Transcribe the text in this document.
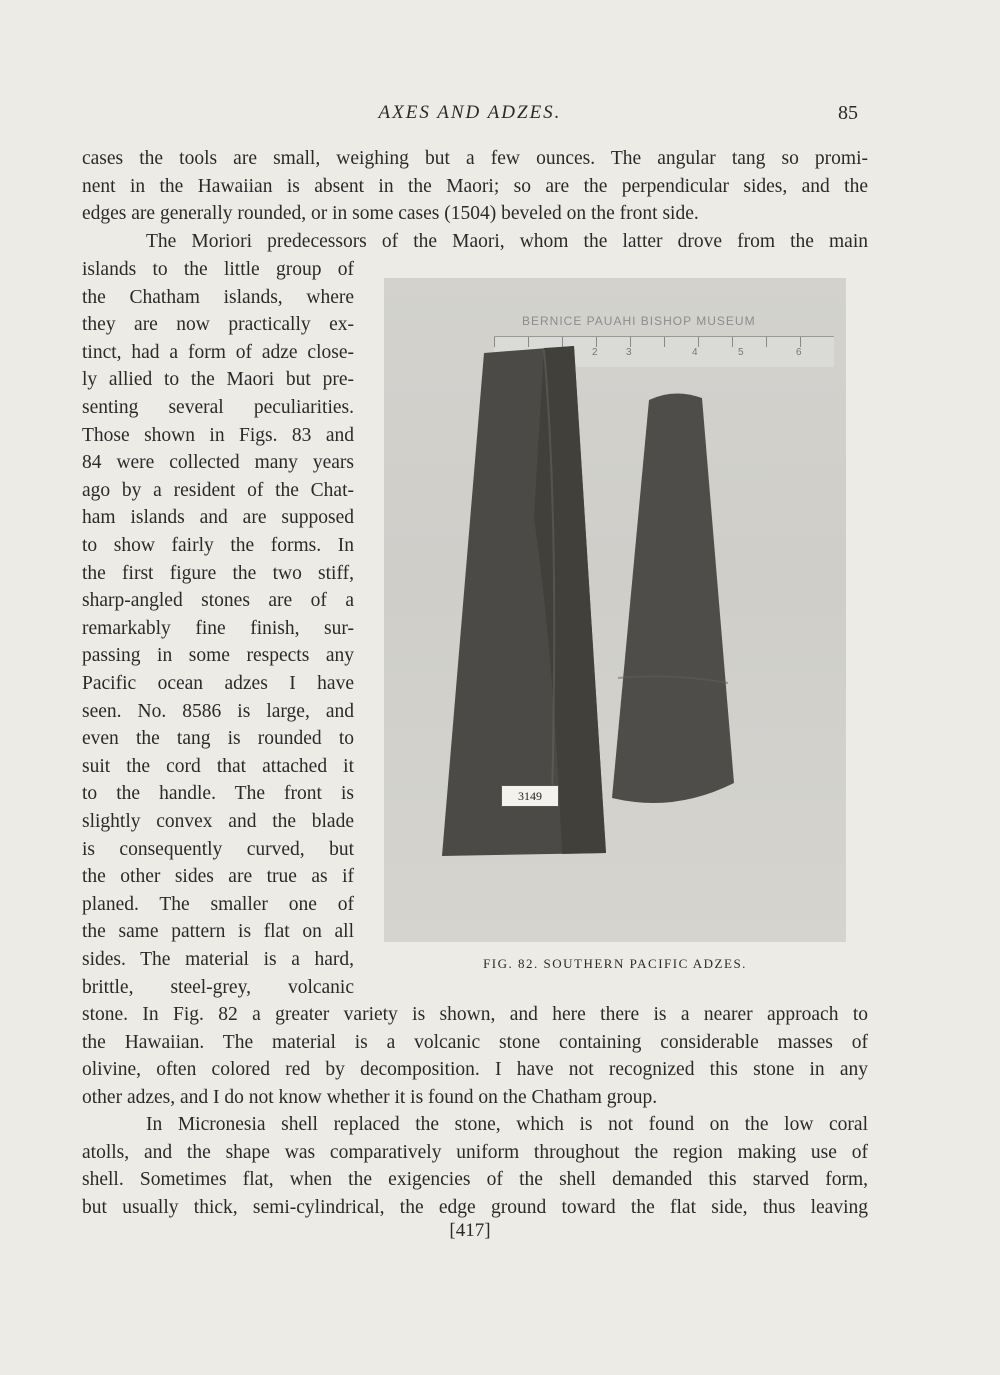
AXES AND ADZES.	85
cases the tools are small, weighing but a few ounces. The angular tang so promi-
nent in the Hawaiian is absent in the Maori; so are the perpendicular sides, and the
edges are generally rounded, or in some cases (1504) beveled on the front side.
The Moriori predecessors of the Maori, whom the latter drove from the main
islands to the little group of
the Chatham islands, where
they are now practically ex-
tinct, had a form of adze close-
ly allied to the Maori but pre-
senting several peculiarities.
Those shown in Figs. 83 and
84 were collected many years
ago by a resident of the Chat-
ham islands and are supposed
to show fairly the forms. In
the first figure the two stiff,
sharp-angled stones are of a
remarkably fine finish, sur-
passing in some respects any
Pacific ocean adzes I have
seen. No. 8586 is large, and
even the tang is rounded to
suit the cord that attached it
to the handle. The front is
slightly convex and the blade
is consequently curved, but
the other sides are true as if
planed. The smaller one of
the same pattern is flat on all
sides. The material is a hard,
brittle, steel-grey, volcanic
BERNICE PAUAHI BISHOP MUSEUM
2	3	4	5	6
3149
FIG. 82. SOUTHERN PACIFIC ADZES.
stone. In Fig. 82 a greater variety is shown, and here there is a nearer approach to
the Hawaiian. The material is a volcanic stone containing considerable masses of
olivine, often colored red by decomposition. I have not recognized this stone in any
other adzes, and I do not know whether it is found on the Chatham group.
In Micronesia shell replaced the stone, which is not found on the low coral
atolls, and the shape was comparatively uniform throughout the region making use of
shell. Sometimes flat, when the exigencies of the shell demanded this starved form,
but usually thick, semi-cylindrical, the edge ground toward the flat side, thus leaving
[417]
